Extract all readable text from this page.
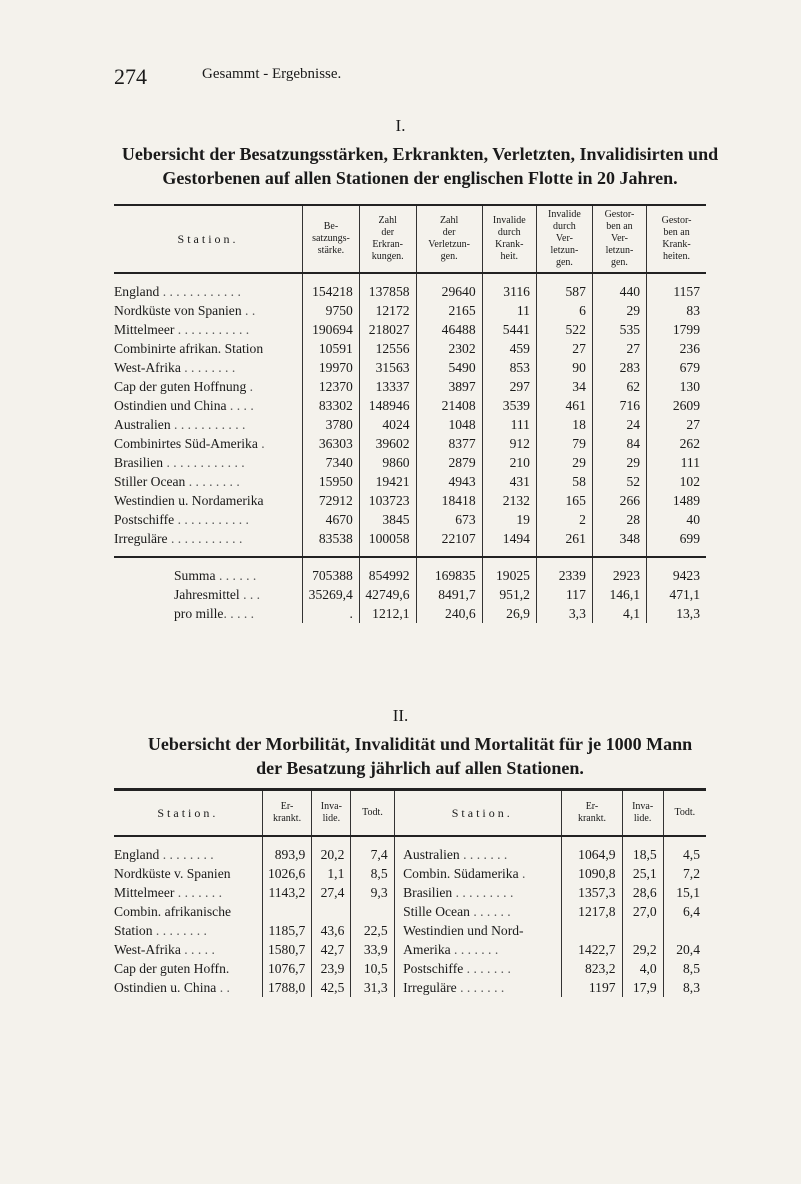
274	Gesammt - Ergebnisse.
I.
Uebersicht der Besatzungsstärken, Erkrankten, Verletzten, Invalidisirten und
Gestorbenen auf allen Stationen der englischen Flotte in 20 Jahren.
Station.	Be-
satzungs-
stärke.	Zahl
der
Erkran-
kungen.	Zahl
der
Verletzun-
gen.	Invalide
durch
Krank-
heit.	Invalide
durch
Ver-
letzun-
gen.	Gestor-
ben an
Ver-
letzun-
gen.	Gestor-
ben an
Krank-
heiten.
England . . . . . . . . . . . .	154218	137858	29640	3116	587	440	1157
Nordküste von Spanien . .	9750	12172	2165	11	6	29	83
Mittelmeer . . . . . . . . . . .	190694	218027	46488	5441	522	535	1799
Combinirte afrikan. Station	10591	12556	2302	459	27	27	236
West-Afrika . . . . . . . .	19970	31563	5490	853	90	283	679
Cap der guten Hoffnung .	12370	13337	3897	297	34	62	130
Ostindien und China . . . .	83302	148946	21408	3539	461	716	2609
Australien . . . . . . . . . . .	3780	4024	1048	111	18	24	27
Combinirtes Süd-Amerika .	36303	39602	8377	912	79	84	262
Brasilien . . . . . . . . . . . .	7340	9860	2879	210	29	29	111
Stiller Ocean . . . . . . . .	15950	19421	4943	431	58	52	102
Westindien u. Nordamerika	72912	103723	18418	2132	165	266	1489
Postschiffe . . . . . . . . . . .	4670	3845	673	19	2	28	40
Irreguläre . . . . . . . . . . .	83538	100058	22107	1494	261	348	699
Summa . . . . . .	705388	854992	169835	19025	2339	2923	9423
Jahresmittel . . .	35269,4	42749,6	8491,7	951,2	117	146,1	471,1
pro mille. . . . .	.	1212,1	240,6	26,9	3,3	4,1	13,3
II.
Uebersicht der Morbilität, Invalidität und Mortalität für je 1000 Mann
der Besatzung jährlich auf allen Stationen.
Station.	Er-
krankt.	Inva-
lide.	Todt.		Station.	Er-
krankt.	Inva-
lide.	Todt.
England . . . . . . . .	893,9	20,2	7,4		Australien . . . . . . .	1064,9	18,5	4,5
Nordküste v. Spanien	1026,6	1,1	8,5		Combin. Südamerika .	1090,8	25,1	7,2
Mittelmeer . . . . . . .	1143,2	27,4	9,3		Brasilien . . . . . . . . .	1357,3	28,6	15,1
Combin. afrikanische					Stille Ocean . . . . . .	1217,8	27,0	6,4
Station . . . . . . . .	1185,7	43,6	22,5		Westindien und Nord-			
West-Afrika . . . . .	1580,7	42,7	33,9		Amerika . . . . . . .	1422,7	29,2	20,4
Cap der guten Hoffn.	1076,7	23,9	10,5		Postschiffe . . . . . . .	823,2	4,0	8,5
Ostindien u. China . .	1788,0	42,5	31,3		Irreguläre . . . . . . .	1197	17,9	8,3
